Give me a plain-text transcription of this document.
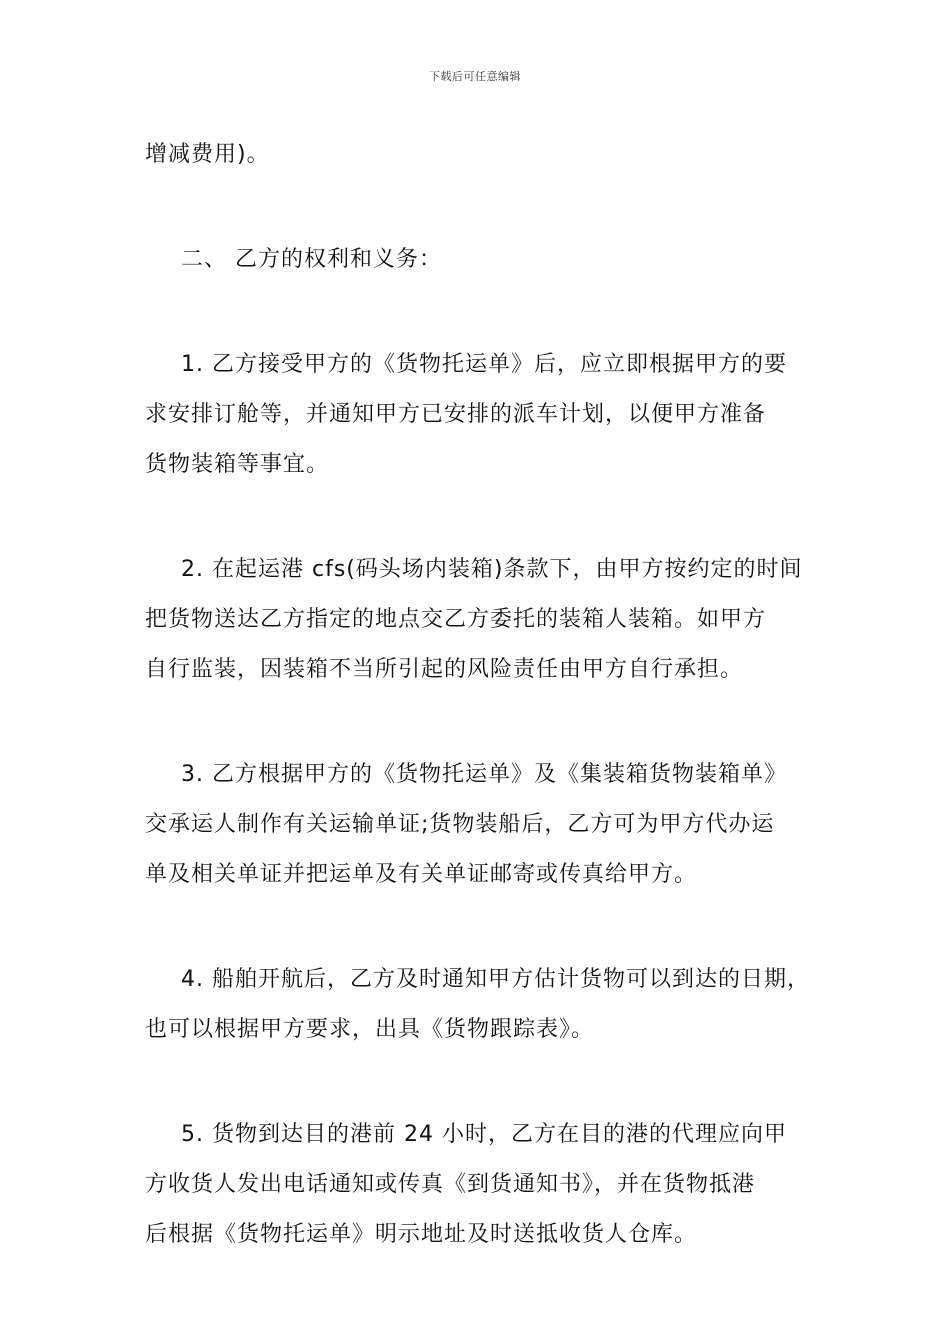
下载后可任意编辑
增减费用)。
二、 乙方的权利和义务：
1. 乙方接受甲方的《货物托运单》后，应立即根据甲方的要
求安排订舱等，并通知甲方已安排的派车计划，以便甲方准备
货物装箱等事宜。
2. 在起运港 cfs(码头场内装箱)条款下，由甲方按约定的时间
把货物送达乙方指定的地点交乙方委托的装箱人装箱。如甲方
自行监装，因装箱不当所引起的风险责任由甲方自行承担。
3. 乙方根据甲方的《货物托运单》及《集装箱货物装箱单》
交承运人制作有关运输单证;货物装船后，乙方可为甲方代办运
单及相关单证并把运单及有关单证邮寄或传真给甲方。
4. 船舶开航后，乙方及时通知甲方估计货物可以到达的日期，
也可以根据甲方要求，出具《货物跟踪表》。
5. 货物到达目的港前 24 小时，乙方在目的港的代理应向甲
方收货人发出电话通知或传真《到货通知书》，并在货物抵港
后根据《货物托运单》明示地址及时送抵收货人仓库。
